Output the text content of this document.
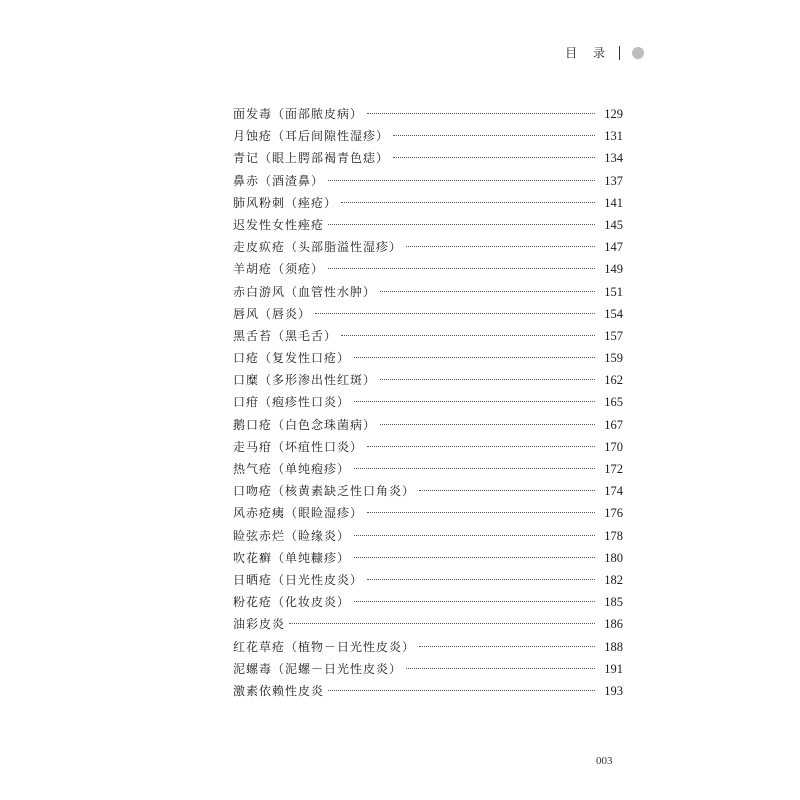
目 录
面发毒（面部脓皮病）	129
月蚀疮（耳后间隙性湿疹）	131
青记（眼上腭部褐青色痣）	134
鼻赤（酒渣鼻）	137
肺风粉刺（痤疮）	141
迟发性女性痤疮	145
走皮疭疮（头部脂溢性湿疹）	147
羊胡疮（须疮）	149
赤白游风（血管性水肿）	151
唇风（唇炎）	154
黑舌苔（黑毛舌）	157
口疮（复发性口疮）	159
口糜（多形渗出性红斑）	162
口疳（疱疹性口炎）	165
鹅口疮（白色念珠菌病）	167
走马疳（坏疽性口炎）	170
热气疮（单纯疱疹）	172
口吻疮（核黄素缺乏性口角炎）	174
风赤疮痍（眼睑湿疹）	176
睑弦赤烂（睑缘炎）	178
吹花癣（单纯糠疹）	180
日晒疮（日光性皮炎）	182
粉花疮（化妆皮炎）	185
油彩皮炎	186
红花草疮（植物－日光性皮炎）	188
泥螺毒（泥螺－日光性皮炎）	191
激素依赖性皮炎	193
003
